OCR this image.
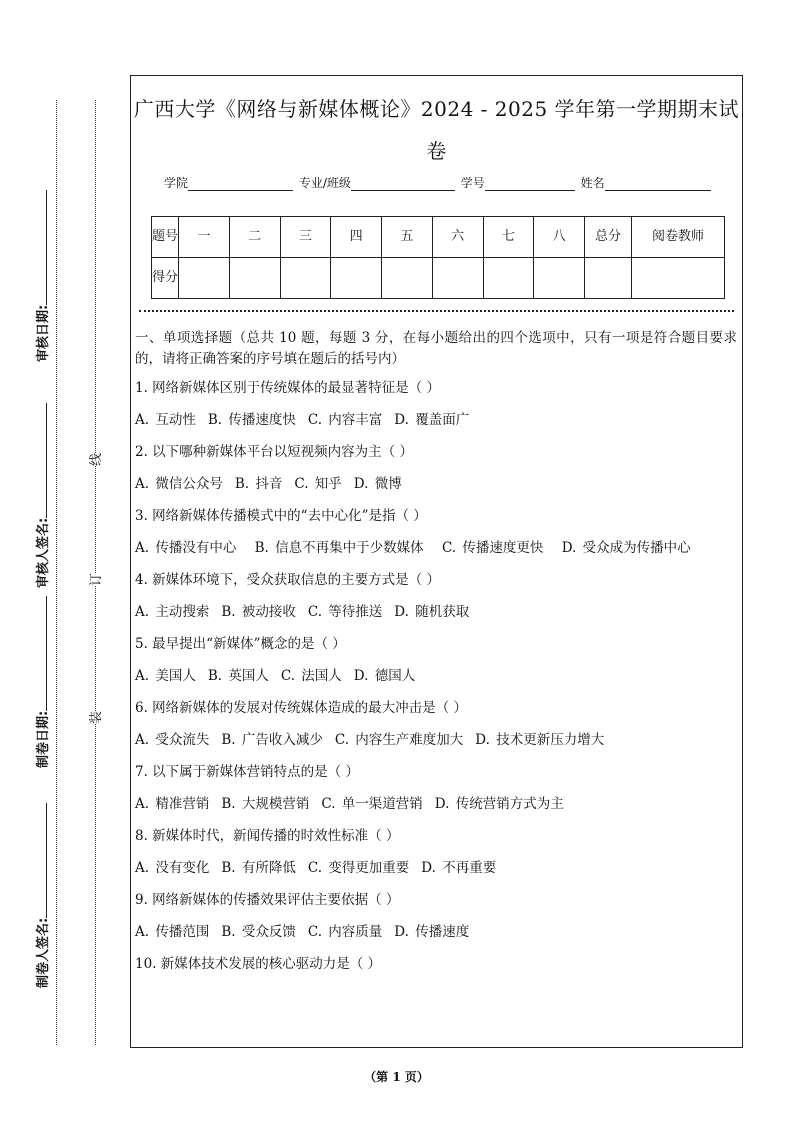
审核日期:
审核人签名:
制卷日期:
制卷人签名:
线
订
装
广西大学《网络与新媒体概论》2024 - 2025 学年第一学期期末试
卷
学院	专业/班级	学号	姓名
题号	一	二	三	四	五	六	七	八	总分	阅卷教师
得分										

一、单项选择题（总共 10 题，每题 3 分，在每小题给出的四个选项中，只有一项是符合题目要求的，请将正确答案的序号填在题后的括号内）

1. 网络新媒体区别于传统媒体的最显著特征是（ ）

A. 互动性 B. 传播速度快 C. 内容丰富 D. 覆盖面广

2. 以下哪种新媒体平台以短视频内容为主（ ）

A. 微信公众号 B. 抖音 C. 知乎 D. 微博

3. 网络新媒体传播模式中的“去中心化”是指（ ）

A. 传播没有中心 B. 信息不再集中于少数媒体 C. 传播速度更快 D. 受众成为传播中心

4. 新媒体环境下，受众获取信息的主要方式是（ ）

A. 主动搜索 B. 被动接收 C. 等待推送 D. 随机获取

5. 最早提出“新媒体”概念的是（ ）

A. 美国人 B. 英国人 C. 法国人 D. 德国人

6. 网络新媒体的发展对传统媒体造成的最大冲击是（ ）

A. 受众流失 B. 广告收入减少 C. 内容生产难度加大 D. 技术更新压力增大

7. 以下属于新媒体营销特点的是（ ）

A. 精准营销 B. 大规模营销 C. 单一渠道营销 D. 传统营销方式为主

8. 新媒体时代，新闻传播的时效性标准（ ）

A. 没有变化 B. 有所降低 C. 变得更加重要 D. 不再重要

9. 网络新媒体的传播效果评估主要依据（ ）

A. 传播范围 B. 受众反馈 C. 内容质量 D. 传播速度

10. 新媒体技术发展的核心驱动力是（ ）

（第 1 页）
